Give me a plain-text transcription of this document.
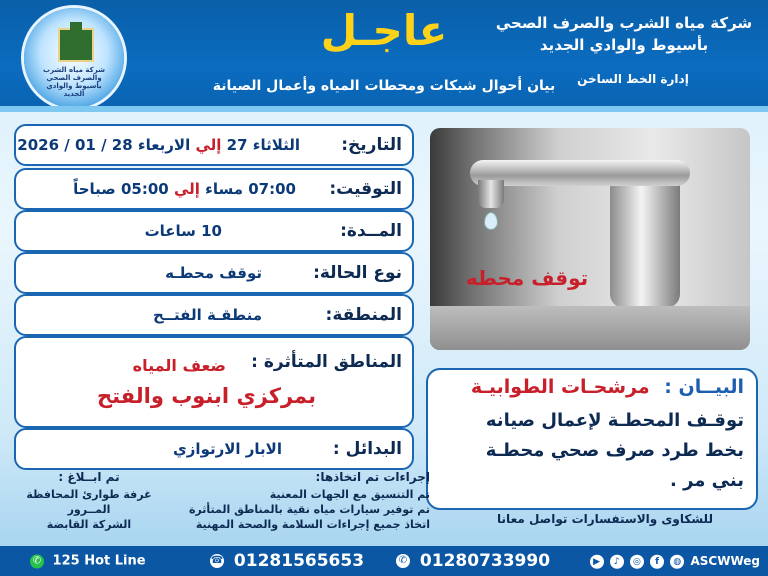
شركة مياه الشرب والصرف الصحي بأسيوط والوادي الجديد
عاجـل
بيان أحوال شبكات ومحطات المياه وأعمال الصيانة
شركة مياه الشرب والصرف الصحي
بأسيوط والوادي الجديد
إدارة الخط الساخن
التاريخ:
الثلاثاء 27 إلي الاربعاء 28 / 01 / 2026
التوقيت:
07:00 مساء إلي 05:00 صباحاً
المــدة:
10 ساعات
نوع الحالة:
توقف محطـه
المنطقة:
منطقـة الفتــح
المناطق المتأثرة :
ضعف المياه
بمركزي ابنوب والفتح
البدائل :
الابار الارتوازي
توقف محطه
البيــان : مرشحـات الطوابيـة
توقـف المحطـة لإعمال صيانه
بخط طرد صرف صحي محطـة
بني مر .
للشكاوى والاستفسارات تواصل معانا
إجراءات تم اتخاذها:
تم التنسيق مع الجهات المعنية
تم توفير سيارات مياه نقية بالمناطق المتأثرة
اتخاذ جميع إجراءات السلامة والصحة المهنية
تم ابــلاغ :
غرفة طوارئ المحافظة
المــرور
الشركة القابضة
✆ 125 Hot Line	☎ 01281565653	✆ 01280733990	▶ ♪ ◎ f ◍ ASCWWeg
